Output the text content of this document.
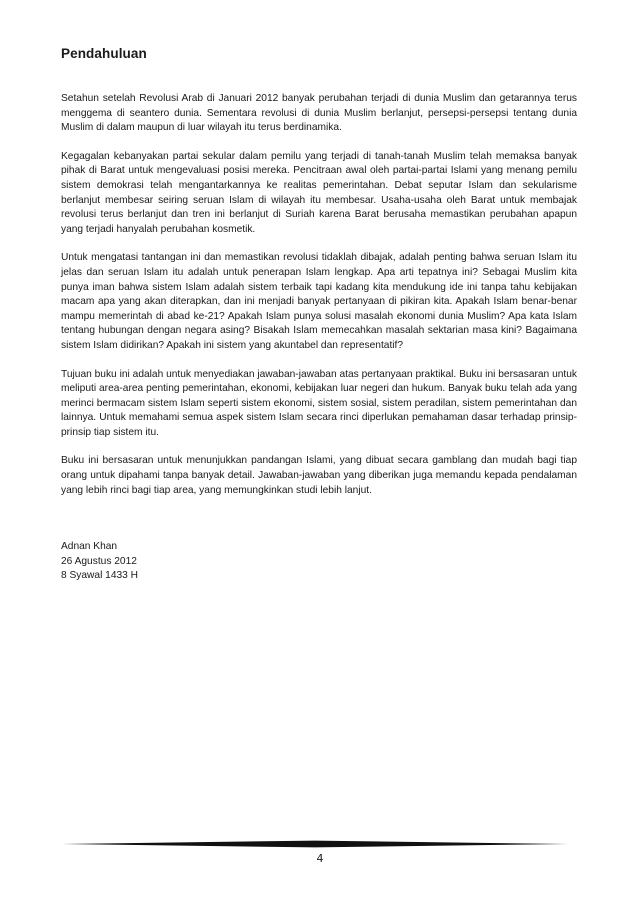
Pendahuluan

Setahun setelah Revolusi Arab di Januari 2012 banyak perubahan terjadi di dunia Muslim dan getarannya terus menggema di seantero dunia. Sementara revolusi di dunia Muslim berlanjut, persepsi-persepsi tentang dunia Muslim di dalam maupun di luar wilayah itu terus berdinamika.

Kegagalan kebanyakan partai sekular dalam pemilu yang terjadi di tanah-tanah Muslim telah memaksa banyak pihak di Barat untuk mengevaluasi posisi mereka. Pencitraan awal oleh partai-partai Islami yang menang pemilu sistem demokrasi telah mengantarkannya ke realitas pemerintahan. Debat seputar Islam dan sekularisme berlanjut membesar seiring seruan Islam di wilayah itu membesar. Usaha-usaha oleh Barat untuk membajak revolusi terus berlanjut dan tren ini berlanjut di Suriah karena Barat berusaha memastikan perubahan apapun yang terjadi hanyalah perubahan kosmetik.

Untuk mengatasi tantangan ini dan memastikan revolusi tidaklah dibajak, adalah penting bahwa seruan Islam itu jelas dan seruan Islam itu adalah untuk penerapan Islam lengkap. Apa arti tepatnya ini? Sebagai Muslim kita punya iman bahwa sistem Islam adalah sistem terbaik tapi kadang kita mendukung ide ini tanpa tahu kebijakan macam apa yang akan diterapkan, dan ini menjadi banyak pertanyaan di pikiran kita. Apakah Islam benar-benar mampu memerintah di abad ke-21? Apakah Islam punya solusi masalah ekonomi dunia Muslim? Apa kata Islam tentang hubungan dengan negara asing? Bisakah Islam memecahkan masalah sektarian masa kini? Bagaimana sistem Islam didirikan? Apakah ini sistem yang akuntabel dan representatif?

Tujuan buku ini adalah untuk menyediakan jawaban-jawaban atas pertanyaan praktikal. Buku ini bersasaran untuk meliputi area-area penting pemerintahan, ekonomi, kebijakan luar negeri dan hukum. Banyak buku telah ada yang merinci bermacam sistem Islam seperti sistem ekonomi, sistem sosial, sistem peradilan, sistem pemerintahan dan lainnya. Untuk memahami semua aspek sistem Islam secara rinci diperlukan pemahaman dasar terhadap prinsip-prinsip tiap sistem itu.

Buku ini bersasaran untuk menunjukkan pandangan Islami, yang dibuat secara gamblang dan mudah bagi tiap orang untuk dipahami tanpa banyak detail. Jawaban-jawaban yang diberikan juga memandu kepada pendalaman yang lebih rinci bagi tiap area, yang memungkinkan studi lebih lanjut.

Adnan Khan
26 Agustus 2012
8 Syawal 1433 H
4
